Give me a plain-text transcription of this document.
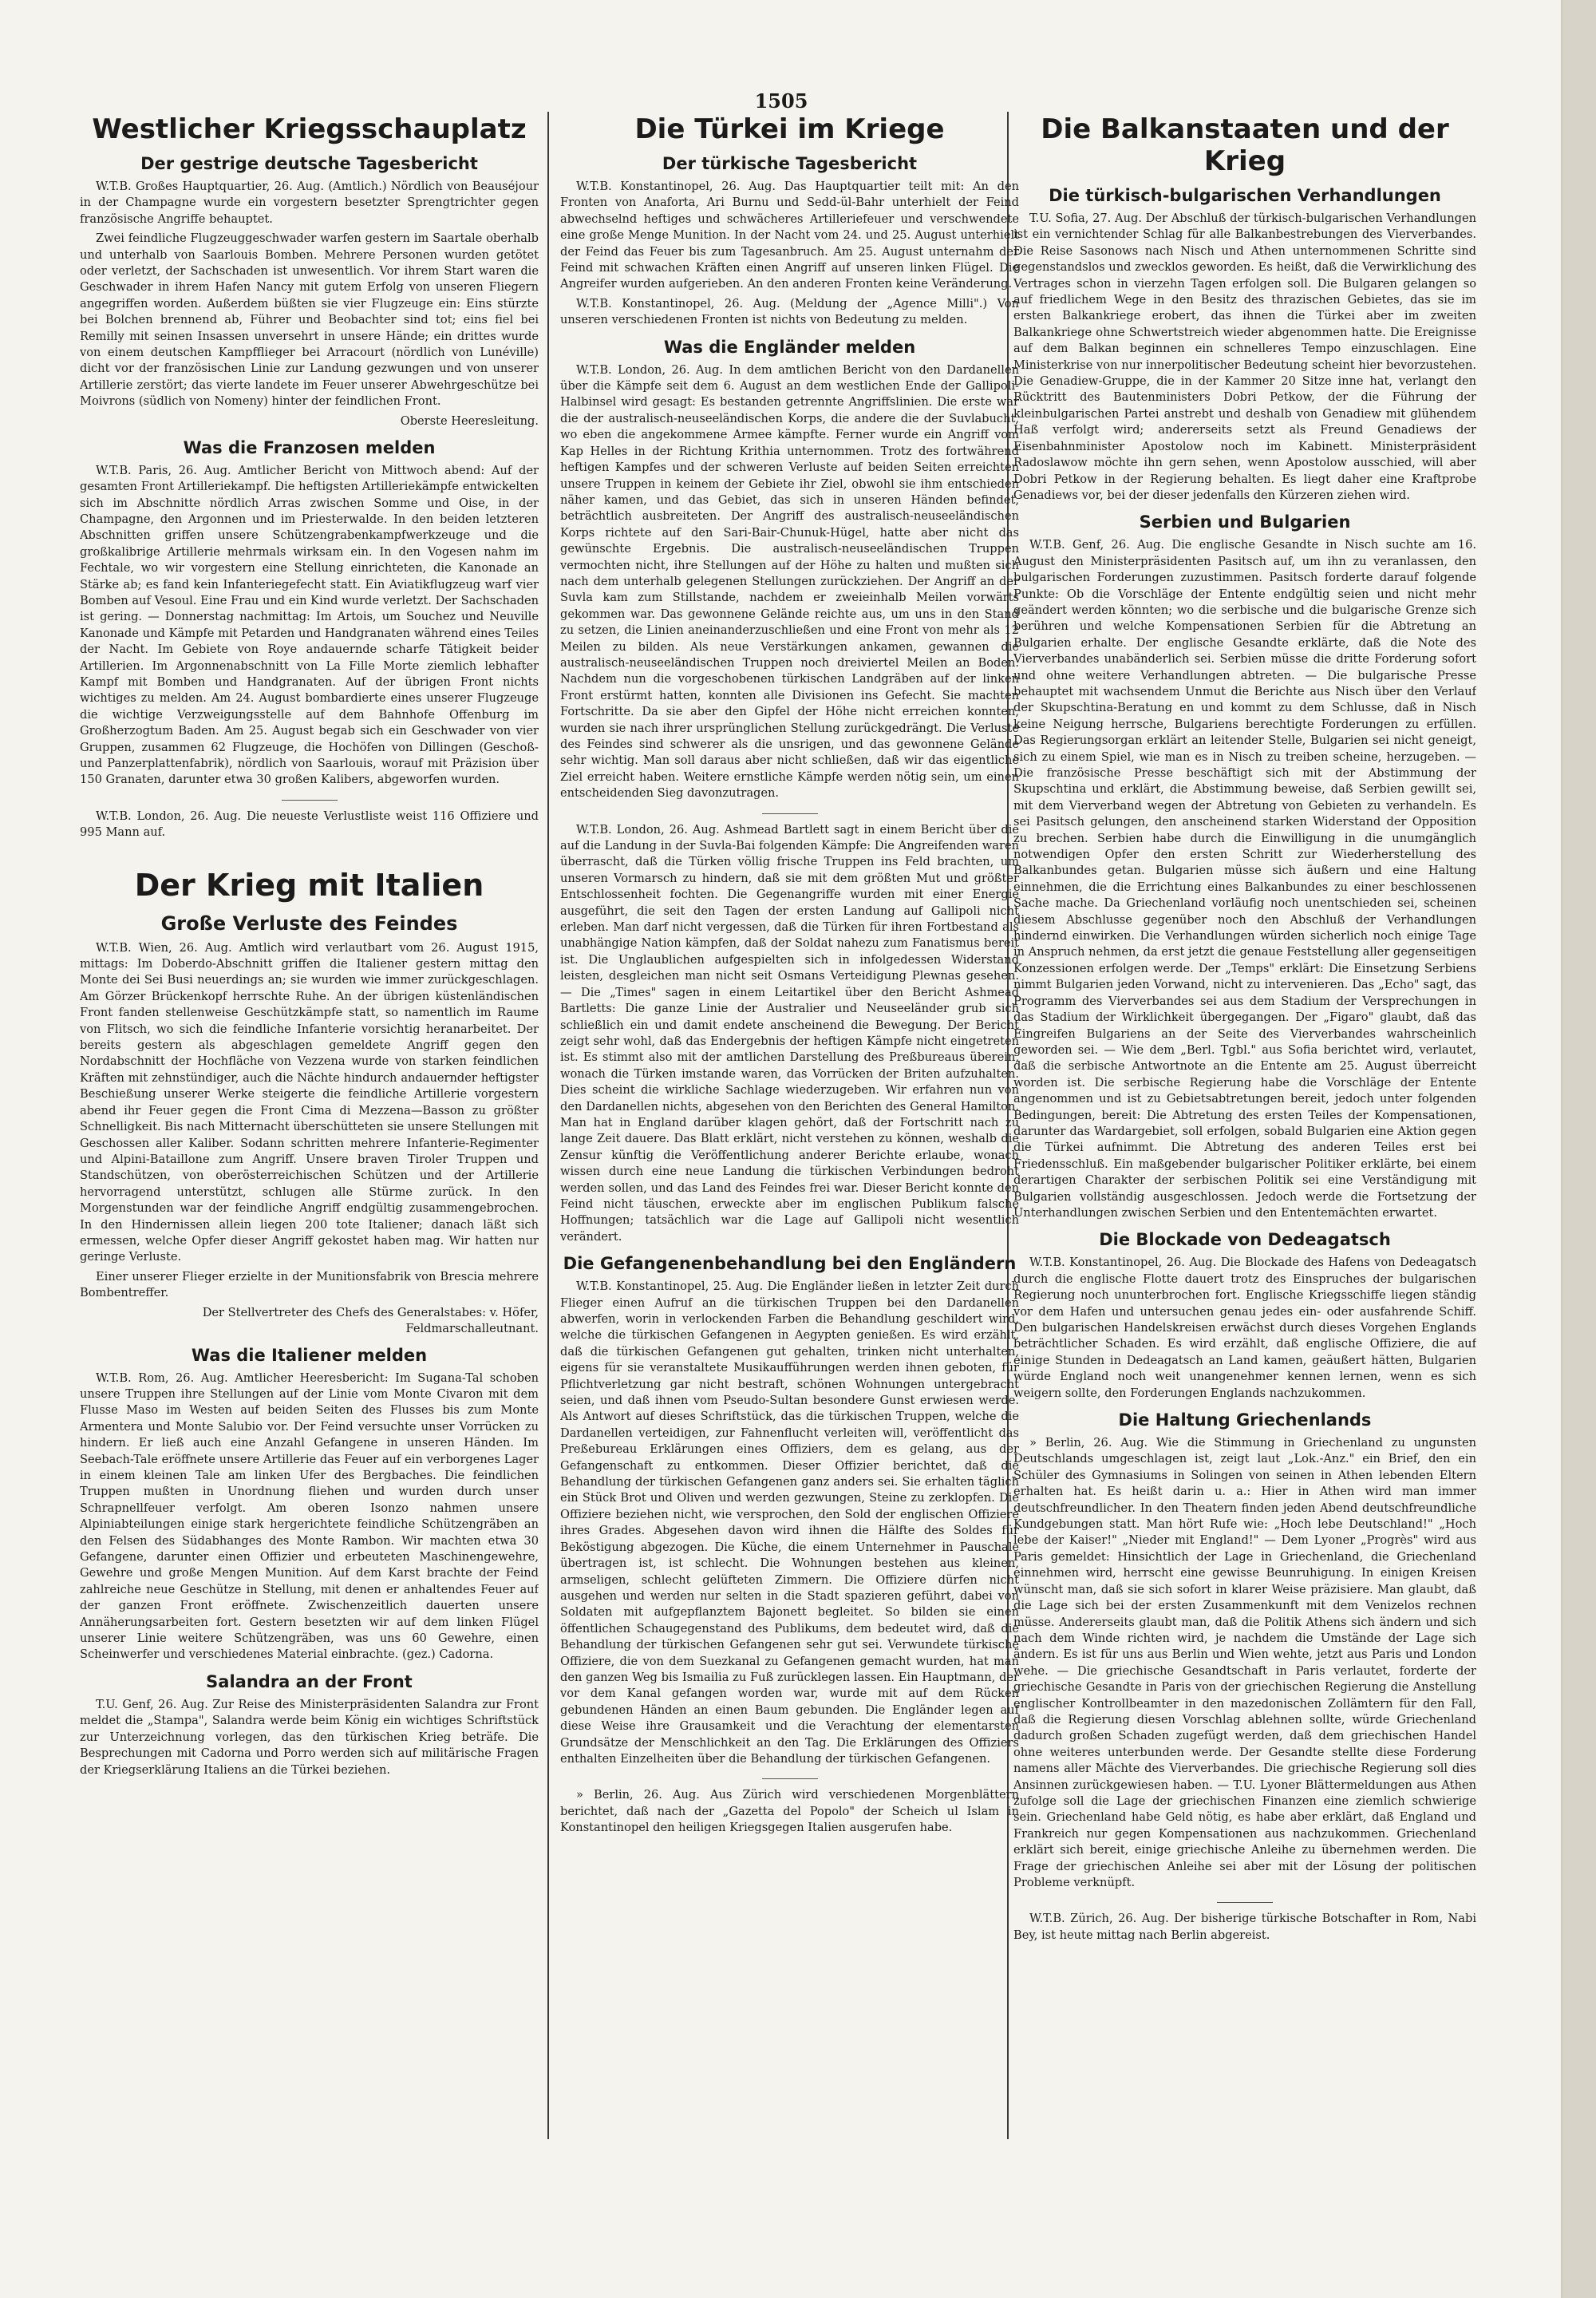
1505
Westlicher Kriegsschauplatz
Der gestrige deutsche Tagesbericht

W.T.B. Großes Hauptquartier, 26. Aug. (Amtlich.) Nördlich von Beauséjour in der Champagne wurde ein vorgestern besetzter Sprengtrichter gegen französische Angriffe behauptet.

Zwei feindliche Flugzeuggeschwader warfen gestern im Saartale oberhalb und unterhalb von Saarlouis Bomben. Mehrere Personen wurden getötet oder verletzt, der Sachschaden ist unwesentlich. Vor ihrem Start waren die Geschwader in ihrem Hafen Nancy mit gutem Erfolg von unseren Fliegern angegriffen worden. Außerdem büßten sie vier Flugzeuge ein: Eins stürzte bei Bolchen brennend ab, Führer und Beobachter sind tot; eins fiel bei Remilly mit seinen Insassen unversehrt in unsere Hände; ein drittes wurde von einem deutschen Kampfflieger bei Arracourt (nördlich von Lunéville) dicht vor der französischen Linie zur Landung gezwungen und von unserer Artillerie zerstört; das vierte landete im Feuer unserer Abwehrgeschütze bei Moivrons (südlich von Nomeny) hinter der feindlichen Front.

Oberste Heeresleitung.
Was die Franzosen melden

W.T.B. Paris, 26. Aug. Amtlicher Bericht von Mittwoch abend: Auf der gesamten Front Artilleriekampf. Die heftigsten Artilleriekämpfe entwickelten sich im Abschnitte nördlich Arras zwischen Somme und Oise, in der Champagne, den Argonnen und im Priesterwalde. In den beiden letzteren Abschnitten griffen unsere Schützengrabenkampfwerkzeuge und die großkalibrige Artillerie mehrmals wirksam ein. In den Vogesen nahm im Fechtale, wo wir vorgestern eine Stellung einrichteten, die Kanonade an Stärke ab; es fand kein Infanteriegefecht statt. Ein Aviatikflugzeug warf vier Bomben auf Vesoul. Eine Frau und ein Kind wurde verletzt. Der Sachschaden ist gering. — Donnerstag nachmittag: Im Artois, um Souchez und Neuville Kanonade und Kämpfe mit Petarden und Handgranaten während eines Teiles der Nacht. Im Gebiete von Roye andauernde scharfe Tätigkeit beider Artillerien. Im Argonnenabschnitt von La Fille Morte ziemlich lebhafter Kampf mit Bomben und Handgranaten. Auf der übrigen Front nichts wichtiges zu melden. Am 24. August bombardierte eines unserer Flugzeuge die wichtige Verzweigungsstelle auf dem Bahnhofe Offenburg im Großherzogtum Baden. Am 25. August begab sich ein Geschwader von vier Gruppen, zusammen 62 Flugzeuge, die Hochöfen von Dillingen (Geschoß- und Panzerplattenfabrik), nördlich von Saarlouis, worauf mit Präzision über 150 Granaten, darunter etwa 30 großen Kalibers, abgeworfen wurden.

W.T.B. London, 26. Aug. Die neueste Verlustliste weist 116 Offiziere und 995 Mann auf.

Der Krieg mit Italien
Große Verluste des Feindes

W.T.B. Wien, 26. Aug. Amtlich wird verlautbart vom 26. August 1915, mittags: Im Doberdo-Abschnitt griffen die Italiener gestern mittag den Monte dei Sei Busi neuerdings an; sie wurden wie immer zurückgeschlagen. Am Görzer Brückenkopf herrschte Ruhe. An der übrigen küstenländischen Front fanden stellenweise Geschützkämpfe statt, so namentlich im Raume von Flitsch, wo sich die feindliche Infanterie vorsichtig heranarbeitet. Der bereits gestern als abgeschlagen gemeldete Angriff gegen den Nordabschnitt der Hochfläche von Vezzena wurde von starken feindlichen Kräften mit zehnstündiger, auch die Nächte hindurch andauernder heftigster Beschießung unserer Werke steigerte die feindliche Artillerie vorgestern abend ihr Feuer gegen die Front Cima di Mezzena—Basson zu größter Schnelligkeit. Bis nach Mitternacht überschütteten sie unsere Stellungen mit Geschossen aller Kaliber. Sodann schritten mehrere Infanterie-Regimenter und Alpini-Bataillone zum Angriff. Unsere braven Tiroler Truppen und Standschützen, von oberösterreichischen Schützen und der Artillerie hervorragend unterstützt, schlugen alle Stürme zurück. In den Morgenstunden war der feindliche Angriff endgültig zusammengebrochen. In den Hindernissen allein liegen 200 tote Italiener; danach läßt sich ermessen, welche Opfer dieser Angriff gekostet haben mag. Wir hatten nur geringe Verluste.

Einer unserer Flieger erzielte in der Munitionsfabrik von Brescia mehrere Bombentreffer.

Der Stellvertreter des Chefs des Generalstabes: v. Höfer, Feldmarschalleutnant.
Was die Italiener melden

W.T.B. Rom, 26. Aug. Amtlicher Heeresbericht: Im Sugana-Tal schoben unsere Truppen ihre Stellungen auf der Linie vom Monte Civaron mit dem Flusse Maso im Westen auf beiden Seiten des Flusses bis zum Monte Armentera und Monte Salubio vor. Der Feind versuchte unser Vorrücken zu hindern. Er ließ auch eine Anzahl Gefangene in unseren Händen. Im Seebach-Tale eröffnete unsere Artillerie das Feuer auf ein verborgenes Lager in einem kleinen Tale am linken Ufer des Bergbaches. Die feindlichen Truppen mußten in Unordnung fliehen und wurden durch unser Schrapnellfeuer verfolgt. Am oberen Isonzo nahmen unsere Alpiniabteilungen einige stark hergerichtete feindliche Schützengräben an den Felsen des Südabhanges des Monte Rambon. Wir machten etwa 30 Gefangene, darunter einen Offizier und erbeuteten Maschinengewehre, Gewehre und große Mengen Munition. Auf dem Karst brachte der Feind zahlreiche neue Geschütze in Stellung, mit denen er anhaltendes Feuer auf der ganzen Front eröffnete. Zwischenzeitlich dauerten unsere Annäherungsarbeiten fort. Gestern besetzten wir auf dem linken Flügel unserer Linie weitere Schützengräben, was uns 60 Gewehre, einen Scheinwerfer und verschiedenes Material einbrachte. (gez.) Cadorna.

Salandra an der Front

T.U. Genf, 26. Aug. Zur Reise des Ministerpräsidenten Salandra zur Front meldet die „Stampa", Salandra werde beim König ein wichtiges Schriftstück zur Unterzeichnung vorlegen, das den türkischen Krieg beträfe. Die Besprechungen mit Cadorna und Porro werden sich auf militärische Fragen der Kriegserklärung Italiens an die Türkei beziehen.

Die Türkei im Kriege
Der türkische Tagesbericht

W.T.B. Konstantinopel, 26. Aug. Das Hauptquartier teilt mit: An den Fronten von Anaforta, Ari Burnu und Sedd-ül-Bahr unterhielt der Feind abwechselnd heftiges und schwächeres Artilleriefeuer und verschwendete eine große Menge Munition. In der Nacht vom 24. und 25. August unterhielt der Feind das Feuer bis zum Tagesanbruch. Am 25. August unternahm der Feind mit schwachen Kräften einen Angriff auf unseren linken Flügel. Die Angreifer wurden aufgerieben. An den anderen Fronten keine Veränderung.

W.T.B. Konstantinopel, 26. Aug. (Meldung der „Agence Milli".) Von unseren verschiedenen Fronten ist nichts von Bedeutung zu melden.

Was die Engländer melden

W.T.B. London, 26. Aug. In dem amtlichen Bericht von den Dardanellen über die Kämpfe seit dem 6. August an dem westlichen Ende der Gallipoli-Halbinsel wird gesagt: Es bestanden getrennte Angriffslinien. Die erste war die der australisch-neuseeländischen Korps, die andere die der Suvlabucht, wo eben die angekommene Armee kämpfte. Ferner wurde ein Angriff vom Kap Helles in der Richtung Krithia unternommen. Trotz des fortwährend heftigen Kampfes und der schweren Verluste auf beiden Seiten erreichten unsere Truppen in keinem der Gebiete ihr Ziel, obwohl sie ihm entschieden näher kamen, und das Gebiet, das sich in unseren Händen befindet, beträchtlich ausbreiteten. Der Angriff des australisch-neuseeländischen Korps richtete auf den Sari-Bair-Chunuk-Hügel, hatte aber nicht das gewünschte Ergebnis. Die australisch-neuseeländischen Truppen vermochten nicht, ihre Stellungen auf der Höhe zu halten und mußten sich nach dem unterhalb gelegenen Stellungen zurückziehen. Der Angriff an der Suvla kam zum Stillstande, nachdem er zweieinhalb Meilen vorwärts gekommen war. Das gewonnene Gelände reichte aus, um uns in den Stand zu setzen, die Linien aneinanderzuschließen und eine Front von mehr als 12 Meilen zu bilden. Als neue Verstärkungen ankamen, gewannen die australisch-neuseeländischen Truppen noch dreiviertel Meilen an Boden. Nachdem nun die vorgeschobenen türkischen Landgräben auf der linken Front erstürmt hatten, konnten alle Divisionen ins Gefecht. Sie machten Fortschritte. Da sie aber den Gipfel der Höhe nicht erreichen konnten, wurden sie nach ihrer ursprünglichen Stellung zurückgedrängt. Die Verluste des Feindes sind schwerer als die unsrigen, und das gewonnene Gelände sehr wichtig. Man soll daraus aber nicht schließen, daß wir das eigentliche Ziel erreicht haben. Weitere ernstliche Kämpfe werden nötig sein, um einen entscheidenden Sieg davonzutragen.

W.T.B. London, 26. Aug. Ashmead Bartlett sagt in einem Bericht über die auf die Landung in der Suvla-Bai folgenden Kämpfe: Die Angreifenden waren überrascht, daß die Türken völlig frische Truppen ins Feld brachten, um unseren Vormarsch zu hindern, daß sie mit dem größten Mut und größter Entschlossenheit fochten. Die Gegenangriffe wurden mit einer Energie ausgeführt, die seit den Tagen der ersten Landung auf Gallipoli nicht erleben. Man darf nicht vergessen, daß die Türken für ihren Fortbestand als unabhängige Nation kämpfen, daß der Soldat nahezu zum Fanatismus bereit ist. Die Unglaublichen aufgespielten sich in infolgedessen Widerstand leisten, desgleichen man nicht seit Osmans Verteidigung Plewnas gesehen. — Die „Times" sagen in einem Leitartikel über den Bericht Ashmead Bartletts: Die ganze Linie der Australier und Neuseeländer grub sich schließlich ein und damit endete anscheinend die Bewegung. Der Bericht zeigt sehr wohl, daß das Endergebnis der heftigen Kämpfe nicht eingetreten ist. Es stimmt also mit der amtlichen Darstellung des Preßbureaus überein, wonach die Türken imstande waren, das Vorrücken der Briten aufzuhalten. Dies scheint die wirkliche Sachlage wiederzugeben. Wir erfahren nun von den Dardanellen nichts, abgesehen von den Berichten des General Hamilton. Man hat in England darüber klagen gehört, daß der Fortschritt nach zu lange Zeit dauere. Das Blatt erklärt, nicht verstehen zu können, weshalb die Zensur künftig die Veröffentlichung anderer Berichte erlaube, wonach wissen durch eine neue Landung die türkischen Verbindungen bedroht werden sollen, und das Land des Feindes frei war. Dieser Bericht konnte den Feind nicht täuschen, erweckte aber im englischen Publikum falsche Hoffnungen; tatsächlich war die Lage auf Gallipoli nicht wesentlich verändert.

Die Gefangenenbehandlung bei den Engländern

W.T.B. Konstantinopel, 25. Aug. Die Engländer ließen in letzter Zeit durch Flieger einen Aufruf an die türkischen Truppen bei den Dardanellen abwerfen, worin in verlockenden Farben die Behandlung geschildert wird, welche die türkischen Gefangenen in Aegypten genießen. Es wird erzählt, daß die türkischen Gefangenen gut gehalten, trinken nicht unterhalten, eigens für sie veranstaltete Musikaufführungen werden ihnen geboten, für Pflichtverletzung gar nicht bestraft, schönen Wohnungen untergebracht seien, und daß ihnen vom Pseudo-Sultan besondere Gunst erwiesen werde. Als Antwort auf dieses Schriftstück, das die türkischen Truppen, welche die Dardanellen verteidigen, zur Fahnenflucht verleiten will, veröffentlicht das Preßebureau Erklärungen eines Offiziers, dem es gelang, aus der Gefangenschaft zu entkommen. Dieser Offizier berichtet, daß die Behandlung der türkischen Gefangenen ganz anders sei. Sie erhalten täglich ein Stück Brot und Oliven und werden gezwungen, Steine zu zerklopfen. Die Offiziere beziehen nicht, wie versprochen, den Sold der englischen Offiziere ihres Grades. Abgesehen davon wird ihnen die Hälfte des Soldes für Beköstigung abgezogen. Die Küche, die einem Unternehmer in Pauschale übertragen ist, ist schlecht. Die Wohnungen bestehen aus kleinen, armseligen, schlecht gelüfteten Zimmern. Die Offiziere dürfen nicht ausgehen und werden nur selten in die Stadt spazieren geführt, dabei von Soldaten mit aufgepflanztem Bajonett begleitet. So bilden sie einen öffentlichen Schaugegenstand des Publikums, dem bedeutet wird, daß die Behandlung der türkischen Gefangenen sehr gut sei. Verwundete türkische Offiziere, die von dem Suezkanal zu Gefangenen gemacht wurden, hat man den ganzen Weg bis Ismailia zu Fuß zurücklegen lassen. Ein Hauptmann, der vor dem Kanal gefangen worden war, wurde mit auf dem Rücken gebundenen Händen an einen Baum gebunden. Die Engländer legen auf diese Weise ihre Grausamkeit und die Verachtung der elementarsten Grundsätze der Menschlichkeit an den Tag. Die Erklärungen des Offiziers enthalten Einzelheiten über die Behandlung der türkischen Gefangenen.

» Berlin, 26. Aug. Aus Zürich wird verschiedenen Morgenblättern berichtet, daß nach der „Gazetta del Popolo" der Scheich ul Islam in Konstantinopel den heiligen Kriegsgegen Italien ausgerufen habe.

Die Balkanstaaten und der Krieg
Die türkisch-bulgarischen Verhandlungen

T.U. Sofia, 27. Aug. Der Abschluß der türkisch-bulgarischen Verhandlungen ist ein vernichtender Schlag für alle Balkanbestrebungen des Vierverbandes. Die Reise Sasonows nach Nisch und Athen unternommenen Schritte sind gegenstandslos und zwecklos geworden. Es heißt, daß die Verwirklichung des Vertrages schon in vierzehn Tagen erfolgen soll. Die Bulgaren gelangen so auf friedlichem Wege in den Besitz des thrazischen Gebietes, das sie im ersten Balkankriege erobert, das ihnen die Türkei aber im zweiten Balkankriege ohne Schwertstreich wieder abgenommen hatte. Die Ereignisse auf dem Balkan beginnen ein schnelleres Tempo einzuschlagen. Eine Ministerkrise von nur innerpolitischer Bedeutung scheint hier bevorzustehen. Die Genadiew-Gruppe, die in der Kammer 20 Sitze inne hat, verlangt den Rücktritt des Bautenministers Dobri Petkow, der die Führung der kleinbulgarischen Partei anstrebt und deshalb von Genadiew mit glühendem Haß verfolgt wird; andererseits setzt als Freund Genadiews der Eisenbahnminister Apostolow noch im Kabinett. Ministerpräsident Radoslawow möchte ihn gern sehen, wenn Apostolow ausschied, will aber Dobri Petkow in der Regierung behalten. Es liegt daher eine Kraftprobe Genadiews vor, bei der dieser jedenfalls den Kürzeren ziehen wird.

Serbien und Bulgarien

W.T.B. Genf, 26. Aug. Die englische Gesandte in Nisch suchte am 16. August den Ministerpräsidenten Pasitsch auf, um ihn zu veranlassen, den bulgarischen Forderungen zuzustimmen. Pasitsch forderte darauf folgende Punkte: Ob die Vorschläge der Entente endgültig seien und nicht mehr geändert werden könnten; wo die serbische und die bulgarische Grenze sich berühren und welche Kompensationen Serbien für die Abtretung an Bulgarien erhalte. Der englische Gesandte erklärte, daß die Note des Vierverbandes unabänderlich sei. Serbien müsse die dritte Forderung sofort und ohne weitere Verhandlungen abtreten. — Die bulgarische Presse behauptet mit wachsendem Unmut die Berichte aus Nisch über den Verlauf der Skupschtina-Beratung en und kommt zu dem Schlusse, daß in Nisch keine Neigung herrsche, Bulgariens berechtigte Forderungen zu erfüllen. Das Regierungsorgan erklärt an leitender Stelle, Bulgarien sei nicht geneigt, sich zu einem Spiel, wie man es in Nisch zu treiben scheine, herzugeben. — Die französische Presse beschäftigt sich mit der Abstimmung der Skupschtina und erklärt, die Abstimmung beweise, daß Serbien gewillt sei, mit dem Vierverband wegen der Abtretung von Gebieten zu verhandeln. Es sei Pasitsch gelungen, den anscheinend starken Widerstand der Opposition zu brechen. Serbien habe durch die Einwilligung in die unumgänglich notwendigen Opfer den ersten Schritt zur Wiederherstellung des Balkanbundes getan. Bulgarien müsse sich äußern und eine Haltung einnehmen, die die Errichtung eines Balkanbundes zu einer beschlossenen Sache mache. Da Griechenland vorläufig noch unentschieden sei, scheinen diesem Abschlusse gegenüber noch den Abschluß der Verhandlungen hindernd einwirken. Die Verhandlungen würden sicherlich noch einige Tage in Anspruch nehmen, da erst jetzt die genaue Feststellung aller gegenseitigen Konzessionen erfolgen werde. Der „Temps" erklärt: Die Einsetzung Serbiens nimmt Bulgarien jeden Vorwand, nicht zu intervenieren. Das „Echo" sagt, das Programm des Vierverbandes sei aus dem Stadium der Versprechungen in das Stadium der Wirklichkeit übergegangen. Der „Figaro" glaubt, daß das Eingreifen Bulgariens an der Seite des Vierverbandes wahrscheinlich geworden sei. — Wie dem „Berl. Tgbl." aus Sofia berichtet wird, verlautet, daß die serbische Antwortnote an die Entente am 25. August überreicht worden ist. Die serbische Regierung habe die Vorschläge der Entente angenommen und ist zu Gebietsabtretungen bereit, jedoch unter folgenden Bedingungen, bereit: Die Abtretung des ersten Teiles der Kompensationen, darunter das Wardargebiet, soll erfolgen, sobald Bulgarien eine Aktion gegen die Türkei aufnimmt. Die Abtretung des anderen Teiles erst bei Friedensschluß. Ein maßgebender bulgarischer Politiker erklärte, bei einem derartigen Charakter der serbischen Politik sei eine Verständigung mit Bulgarien vollständig ausgeschlossen. Jedoch werde die Fortsetzung der Unterhandlungen zwischen Serbien und den Ententemächten erwartet.

Die Blockade von Dedeagatsch

W.T.B. Konstantinopel, 26. Aug. Die Blockade des Hafens von Dedeagatsch durch die englische Flotte dauert trotz des Einspruches der bulgarischen Regierung noch ununterbrochen fort. Englische Kriegsschiffe liegen ständig vor dem Hafen und untersuchen genau jedes ein- oder ausfahrende Schiff. Den bulgarischen Handelskreisen erwächst durch dieses Vorgehen Englands beträchtlicher Schaden. Es wird erzählt, daß englische Offiziere, die auf einige Stunden in Dedeagatsch an Land kamen, geäußert hätten, Bulgarien würde England noch weit unangenehmer kennen lernen, wenn es sich weigern sollte, den Forderungen Englands nachzukommen.

Die Haltung Griechenlands

» Berlin, 26. Aug. Wie die Stimmung in Griechenland zu ungunsten Deutschlands umgeschlagen ist, zeigt laut „Lok.-Anz." ein Brief, den ein Schüler des Gymnasiums in Solingen von seinen in Athen lebenden Eltern erhalten hat. Es heißt darin u. a.: Hier in Athen wird man immer deutschfreundlicher. In den Theatern finden jeden Abend deutschfreundliche Kundgebungen statt. Man hört Rufe wie: „Hoch lebe Deutschland!" „Hoch lebe der Kaiser!" „Nieder mit England!" — Dem Lyoner „Progrès" wird aus Paris gemeldet: Hinsichtlich der Lage in Griechenland, die Griechenland einnehmen wird, herrscht eine gewisse Beunruhigung. In einigen Kreisen wünscht man, daß sie sich sofort in klarer Weise präzisiere. Man glaubt, daß die Lage sich bei der ersten Zusammenkunft mit dem Venizelos rechnen müsse. Andererseits glaubt man, daß die Politik Athens sich ändern und sich nach dem Winde richten wird, je nachdem die Umstände der Lage sich ändern. Es ist für uns aus Berlin und Wien wehte, jetzt aus Paris und London wehe. — Die griechische Gesandtschaft in Paris verlautet, forderte der griechische Gesandte in Paris von der griechischen Regierung die Anstellung englischer Kontrollbeamter in den mazedonischen Zollämtern für den Fall, daß die Regierung diesen Vorschlag ablehnen sollte, würde Griechenland dadurch großen Schaden zugefügt werden, daß dem griechischen Handel ohne weiteres unterbunden werde. Der Gesandte stellte diese Forderung namens aller Mächte des Vierverbandes. Die griechische Regierung soll dies Ansinnen zurückgewiesen haben. — T.U. Lyoner Blättermeldungen aus Athen zufolge soll die Lage der griechischen Finanzen eine ziemlich schwierige sein. Griechenland habe Geld nötig, es habe aber erklärt, daß England und Frankreich nur gegen Kompensationen aus nachzukommen. Griechenland erklärt sich bereit, einige griechische Anleihe zu übernehmen werden. Die Frage der griechischen Anleihe sei aber mit der Lösung der politischen Probleme verknüpft.

W.T.B. Zürich, 26. Aug. Der bisherige türkische Botschafter in Rom, Nabi Bey, ist heute mittag nach Berlin abgereist.
